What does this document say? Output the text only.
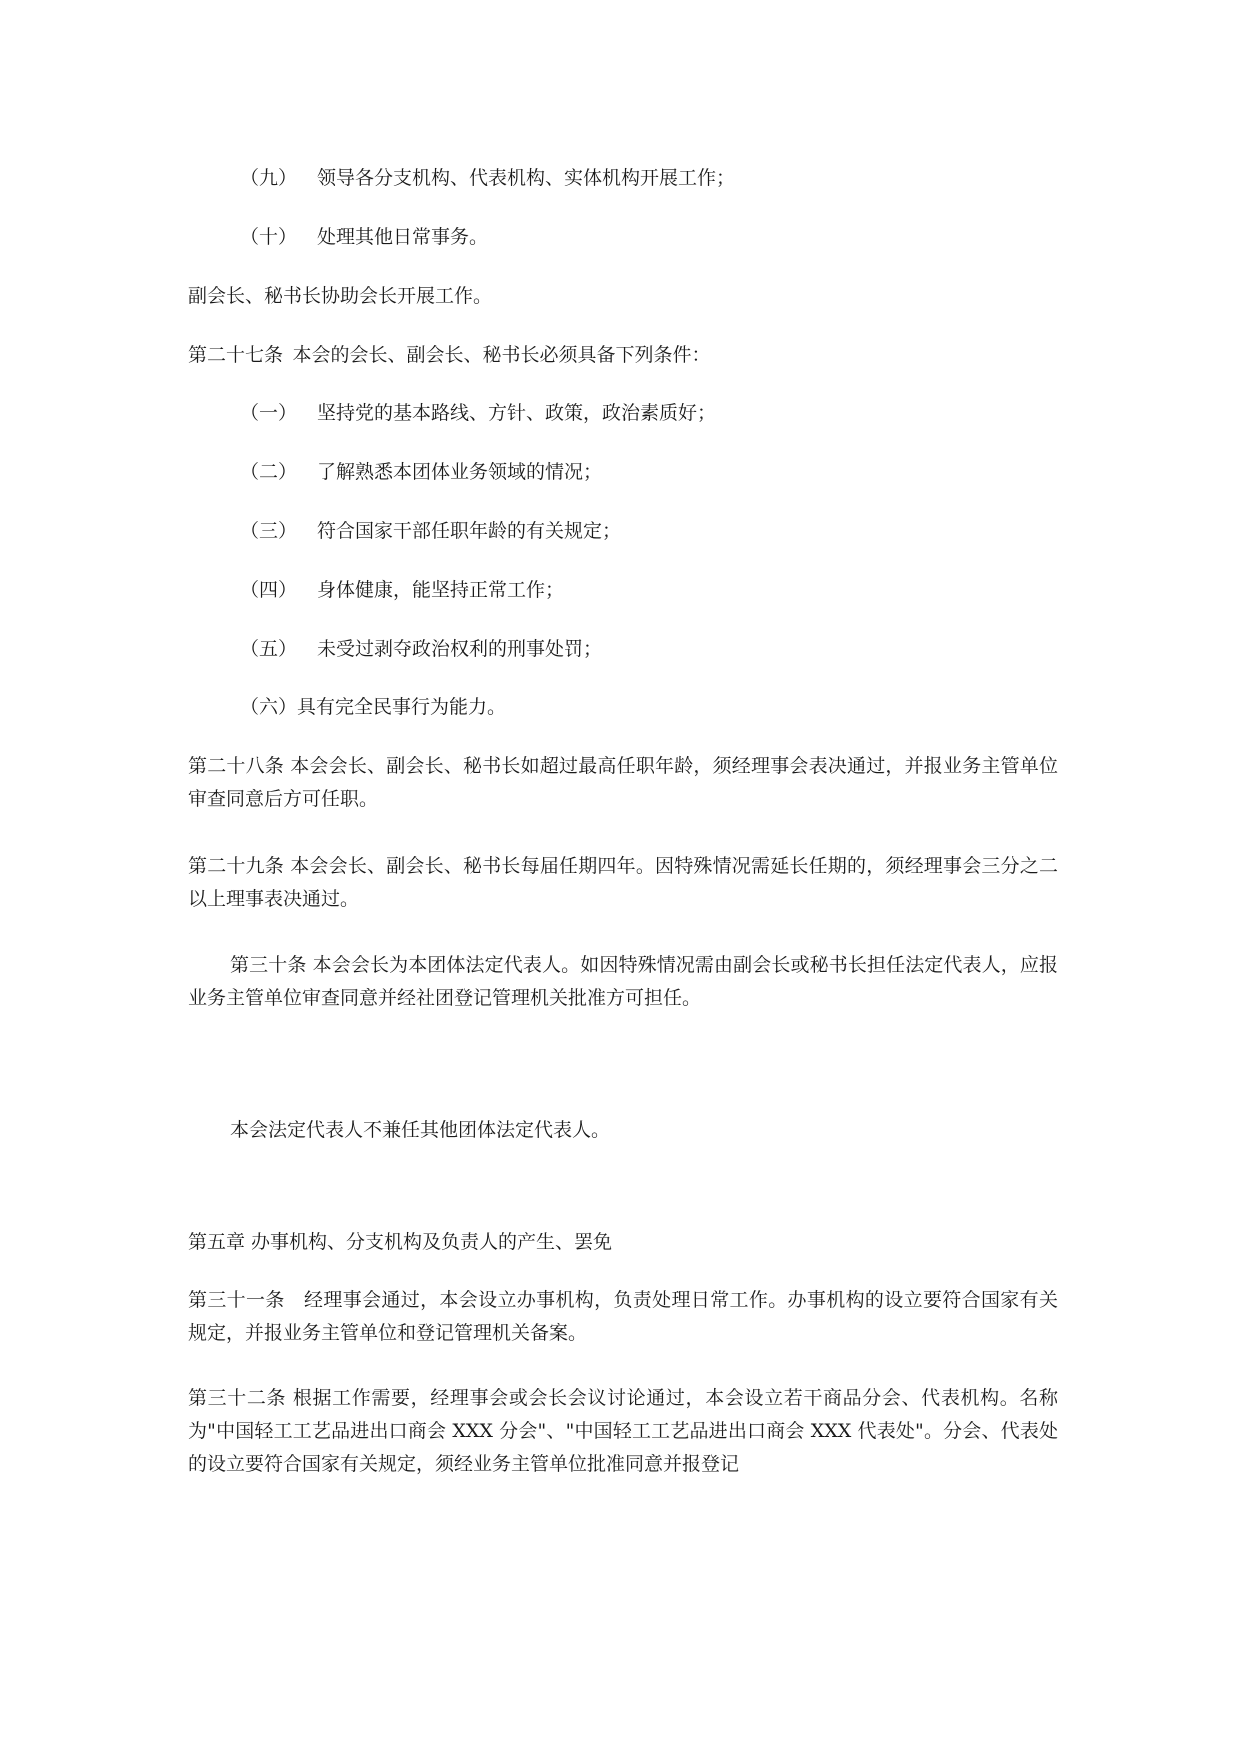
（九） 领导各分支机构、代表机构、实体机构开展工作；
（十） 处理其他日常事务。
副会长、秘书长协助会长开展工作。
第二十七条  本会的会长、副会长、秘书长必须具备下列条件：
（一） 坚持党的基本路线、方针、政策，政治素质好；
（二） 了解熟悉本团体业务领域的情况；
（三） 符合国家干部任职年龄的有关规定；
（四） 身体健康，能坚持正常工作；
（五） 未受过剥夺政治权利的刑事处罚；
（六）具有完全民事行为能力。
第二十八条 本会会长、副会长、秘书长如超过最高任职年龄，须经理事会表决通过，并报业务主管单位审查同意后方可任职。
第二十九条 本会会长、副会长、秘书长每届任期四年。因特殊情况需延长任期的，须经理事会三分之二以上理事表决通过。
第三十条 本会会长为本团体法定代表人。如因特殊情况需由副会长或秘书长担任法定代表人，应报业务主管单位审查同意并经社团登记管理机关批准方可担任。
本会法定代表人不兼任其他团体法定代表人。
第五章 办事机构、分支机构及负责人的产生、罢免
第三十一条　经理事会通过，本会设立办事机构，负责处理日常工作。办事机构的设立要符合国家有关规定，并报业务主管单位和登记管理机关备案。
第三十二条 根据工作需要，经理事会或会长会议讨论通过，本会设立若干商品分会、代表机构。名称为"中国轻工工艺品进出口商会 XXX 分会"、"中国轻工工艺品进出口商会 XXX 代表处"。分会、代表处的设立要符合国家有关规定，须经业务主管单位批准同意并报登记
